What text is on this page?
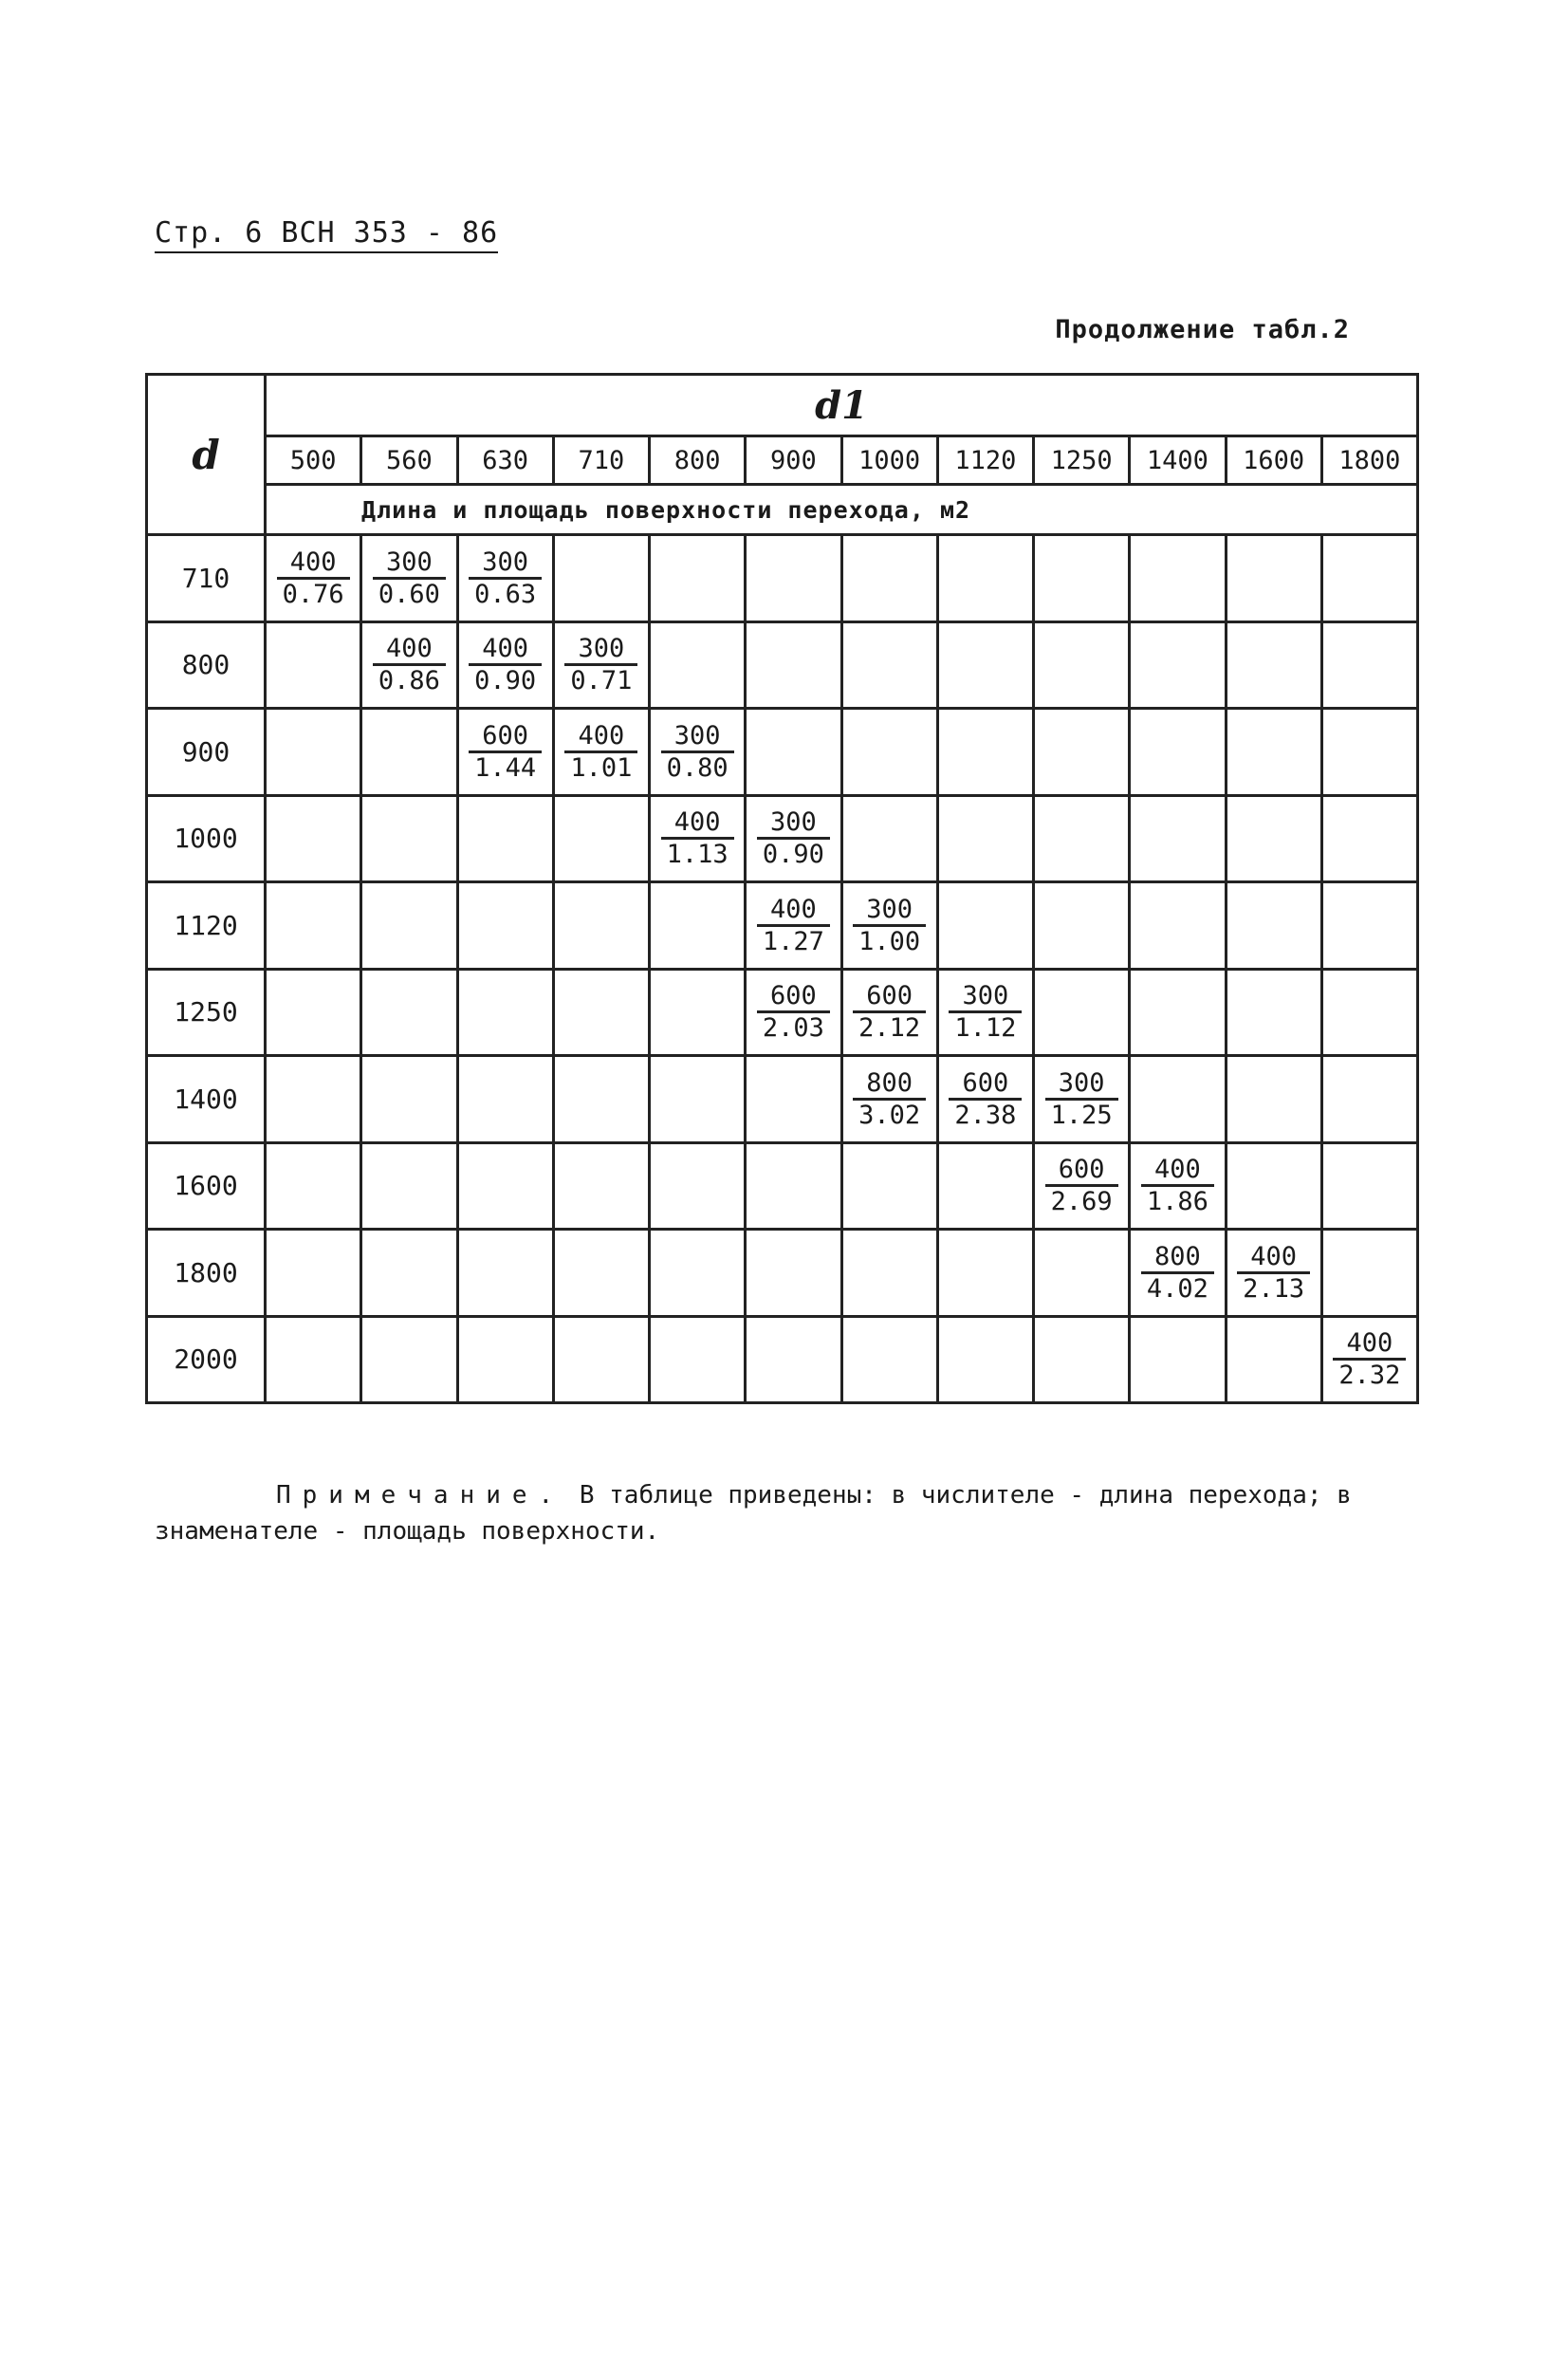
Стр. 6 ВСН 353 - 86
Продолжение табл.2
d	d1											
	500	560	630	710	800	900	1000	1120	1250	1400	1600	1800
	Длина и площадь поверхности перехода, м2											
710	$\frac{400}{0.76}$	$\frac{300}{0.60}$	$\frac{300}{0.63}$

800		$\frac{400}{0.86}$	$\frac{400}{0.90}$	$\frac{300}{0.71}$

900			$\frac{600}{1.44}$	$\frac{400}{1.01}$	$\frac{300}{0.80}$

1000					$\frac{400}{1.13}$	$\frac{300}{0.90}$

1120						$\frac{400}{1.27}$	$\frac{300}{1.00}$

1250						$\frac{600}{2.03}$	$\frac{600}{2.12}$	$\frac{300}{1.12}$

1400							$\frac{800}{3.02}$	$\frac{600}{2.38}$	$\frac{300}{1.25}$

1600									$\frac{600}{2.69}$	$\frac{400}{1.86}$

1800										$\frac{800}{4.02}$	$\frac{400}{2.13}$

2000												$\frac{400}{2.32}$
Примечание. В таблице приведены: в числителе - длина перехода; в знаменателе - площадь поверхности.
